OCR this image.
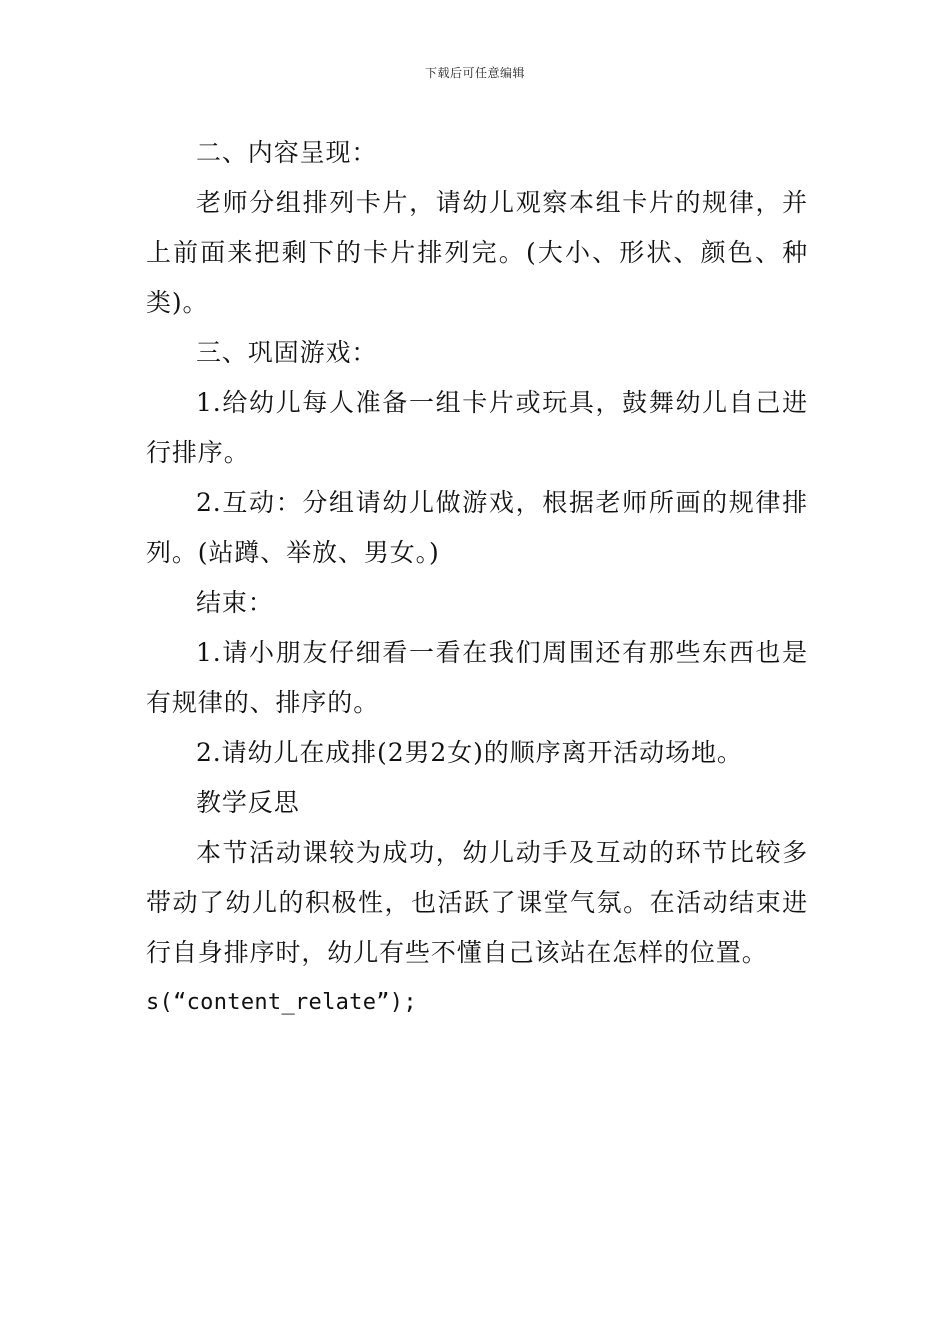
下载后可任意编辑

二、内容呈现：

老师分组排列卡片，请幼儿观察本组卡片的规律，并上前面来把剩下的卡片排列完。(大小、形状、颜色、种类)。

三、巩固游戏：

1.给幼儿每人准备一组卡片或玩具，鼓舞幼儿自己进行排序。

2.互动：分组请幼儿做游戏，根据老师所画的规律排列。(站蹲、举放、男女。)

结束：

1.请小朋友仔细看一看在我们周围还有那些东西也是有规律的、排序的。

2.请幼儿在成排(2男2女)的顺序离开活动场地。

教学反思

本节活动课较为成功，幼儿动手及互动的环节比较多带动了幼儿的积极性，也活跃了课堂气氛。在活动结束进行自身排序时，幼儿有些不懂自己该站在怎样的位置。

s(“content_relate”);
